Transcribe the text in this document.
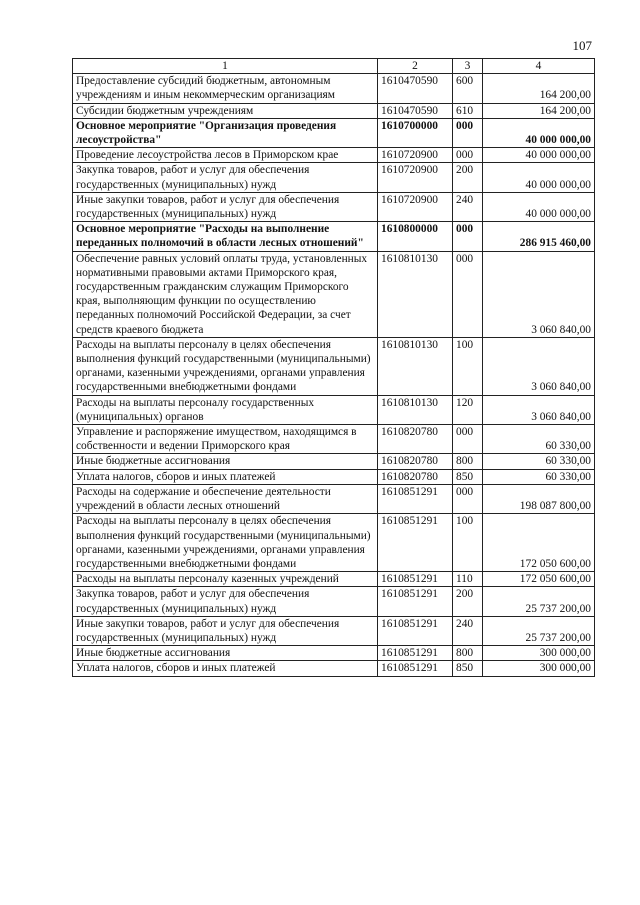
107
1	2	3	4
Предоставление субсидий бюджетным, автономным учреждениям и иным некоммерческим организациям	1610470590	600	164 200,00
Субсидии бюджетным учреждениям	1610470590	610	164 200,00
Основное мероприятие "Организация проведения лесоустройства"	1610700000	000	40 000 000,00
Проведение лесоустройства лесов в Приморском крае	1610720900	000	40 000 000,00
Закупка товаров, работ и услуг для обеспечения государственных (муниципальных) нужд	1610720900	200	40 000 000,00
Иные закупки товаров, работ и услуг для обеспечения государственных (муниципальных) нужд	1610720900	240	40 000 000,00
Основное мероприятие "Расходы на выполнение переданных полномочий в области лесных отношений"	1610800000	000	286 915 460,00
Обеспечение равных условий оплаты труда, установленных нормативными правовыми актами Приморского края, государственным гражданским служащим Приморского края, выполняющим функции по осуществлению переданных полномочий Российской Федерации, за счет средств краевого бюджета	1610810130	000	3 060 840,00
Расходы на выплаты персоналу в целях обеспечения выполнения функций государственными (муниципальными) органами, казенными учреждениями, органами управления государственными внебюджетными фондами	1610810130	100	3 060 840,00
Расходы на выплаты персоналу государственных (муниципальных) органов	1610810130	120	3 060 840,00
Управление и распоряжение имуществом, находящимся в собственности и ведении Приморского края	1610820780	000	60 330,00
Иные бюджетные ассигнования	1610820780	800	60 330,00
Уплата налогов, сборов и иных платежей	1610820780	850	60 330,00
Расходы на содержание и обеспечение деятельности учреждений в области лесных отношений	1610851291	000	198 087 800,00
Расходы на выплаты персоналу в целях обеспечения выполнения функций государственными (муниципальными) органами, казенными учреждениями, органами управления государственными внебюджетными фондами	1610851291	100	172 050 600,00
Расходы на выплаты персоналу казенных учреждений	1610851291	110	172 050 600,00
Закупка товаров, работ и услуг для обеспечения государственных (муниципальных) нужд	1610851291	200	25 737 200,00
Иные закупки товаров, работ и услуг для обеспечения государственных (муниципальных) нужд	1610851291	240	25 737 200,00
Иные бюджетные ассигнования	1610851291	800	300 000,00
Уплата налогов, сборов и иных платежей	1610851291	850	300 000,00
